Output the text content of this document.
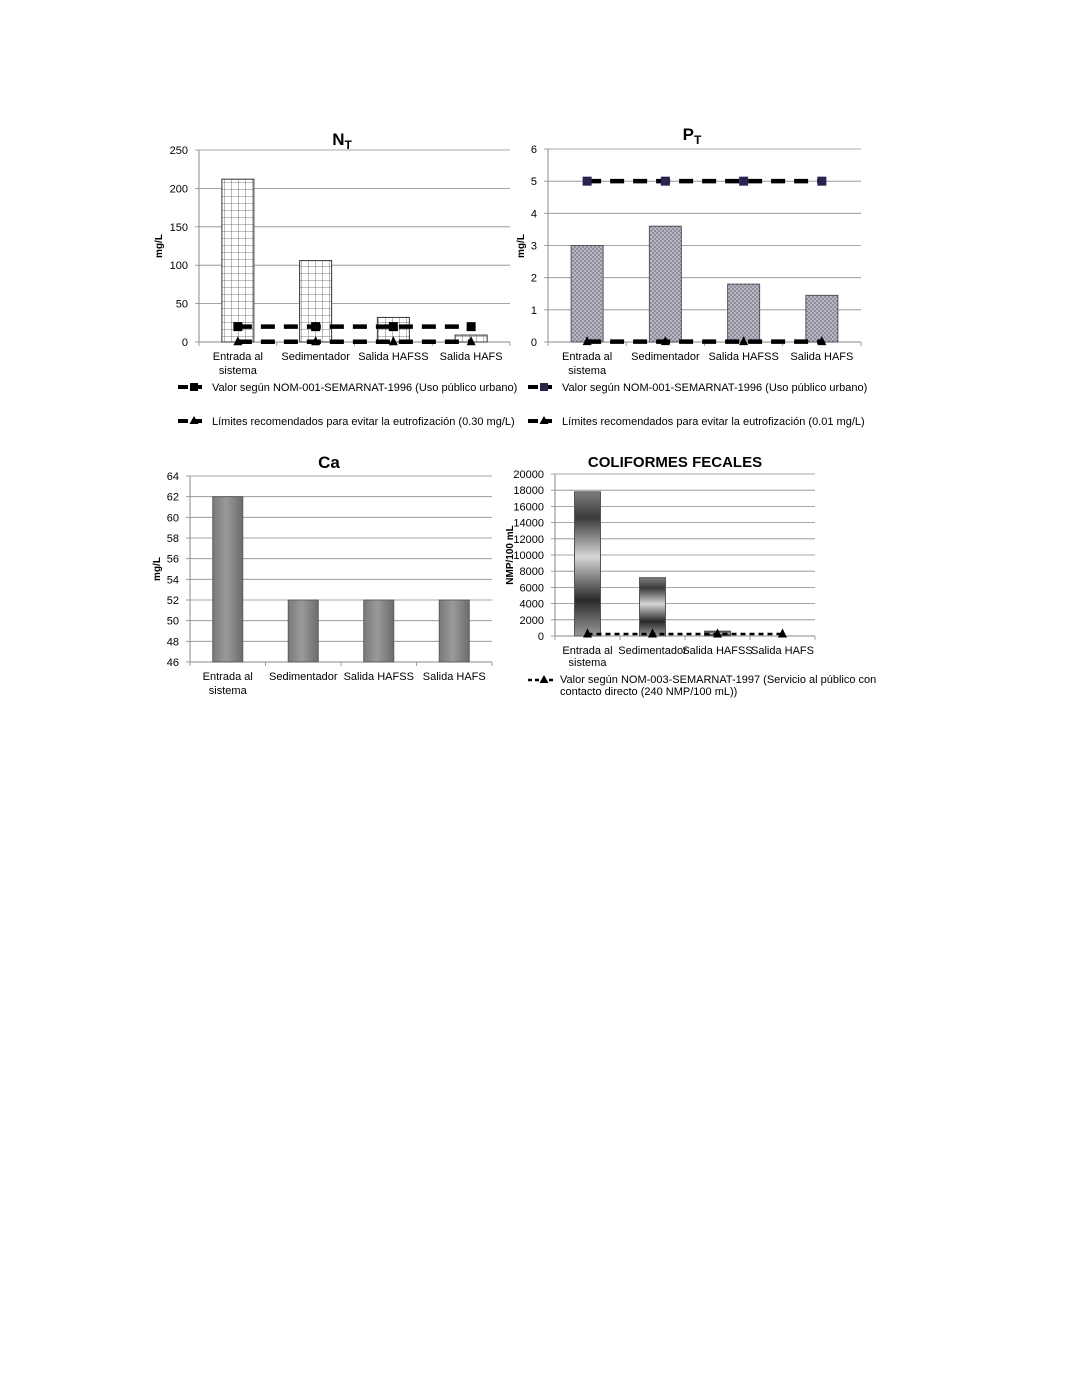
$N_T$
0
50
100
150
200
250
mg/L
Entrada al
sistema
Sedimentador Salida HAFSS Salida HAFS
Valor según NOM-001-SEMARNAT-1996 (Uso público urbano)
Límites recomendados para evitar la eutrofización (0.30 mg/L)
$P_T$
0
1
2
3
4
5
6
mg/L
Entrada al
sistema
Sedimentador Salida HAFSS Salida HAFS
Valor según NOM-001-SEMARNAT-1996 (Uso público urbano)
Límites recomendados para evitar la eutrofización (0.01 mg/L)
Ca
46
48
50
52
54
56
58
60
62
64
mg/L
Entrada al
sistema
Sedimentador Salida HAFSS Salida HAFS
COLIFORMES FECALES
0
2000
4000
6000
8000
10000
12000
14000
16000
18000
20000
NMP/100 mL
Entrada al
sistema
Sedimentador
Salida HAFSS
Salida HAFS
Valor según NOM-003-SEMARNAT-1997 (Servicio al público con
contacto directo (240 NMP/100 mL))
